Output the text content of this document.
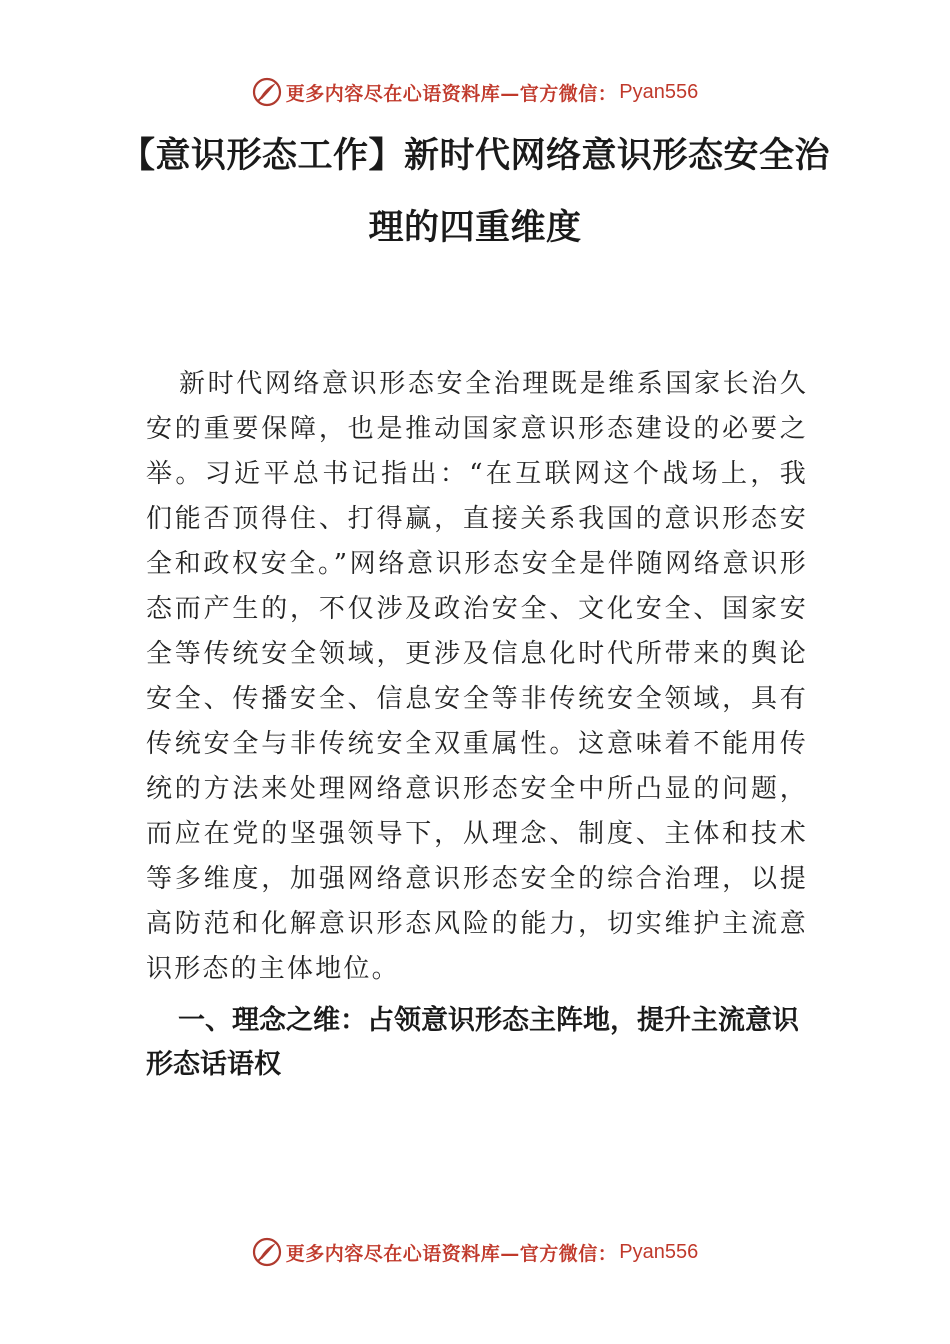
更多内容尽在心语资料库—官方微信： Pyan556
【意识形态工作】新时代网络意识形态安全治
理的四重维度

新时代网络意识形态安全治理既是维系国家长治久安的重要保障，也是推动国家意识形态建设的必要之举。习近平总书记指出：“在互联网这个战场上，我们能否顶得住、打得赢，直接关系我国的意识形态安全和政权安全。”网络意识形态安全是伴随网络意识形态而产生的，不仅涉及政治安全、文化安全、国家安全等传统安全领域，更涉及信息化时代所带来的舆论安全、传播安全、信息安全等非传统安全领域，具有传统安全与非传统安全双重属性。这意味着不能用传统的方法来处理网络意识形态安全中所凸显的问题，而应在党的坚强领导下，从理念、制度、主体和技术等多维度，加强网络意识形态安全的综合治理，以提高防范和化解意识形态风险的能力，切实维护主流意识形态的主体地位。

一、理念之维：占领意识形态主阵地，提升主流意识形态话语权

更多内容尽在心语资料库—官方微信： Pyan556
